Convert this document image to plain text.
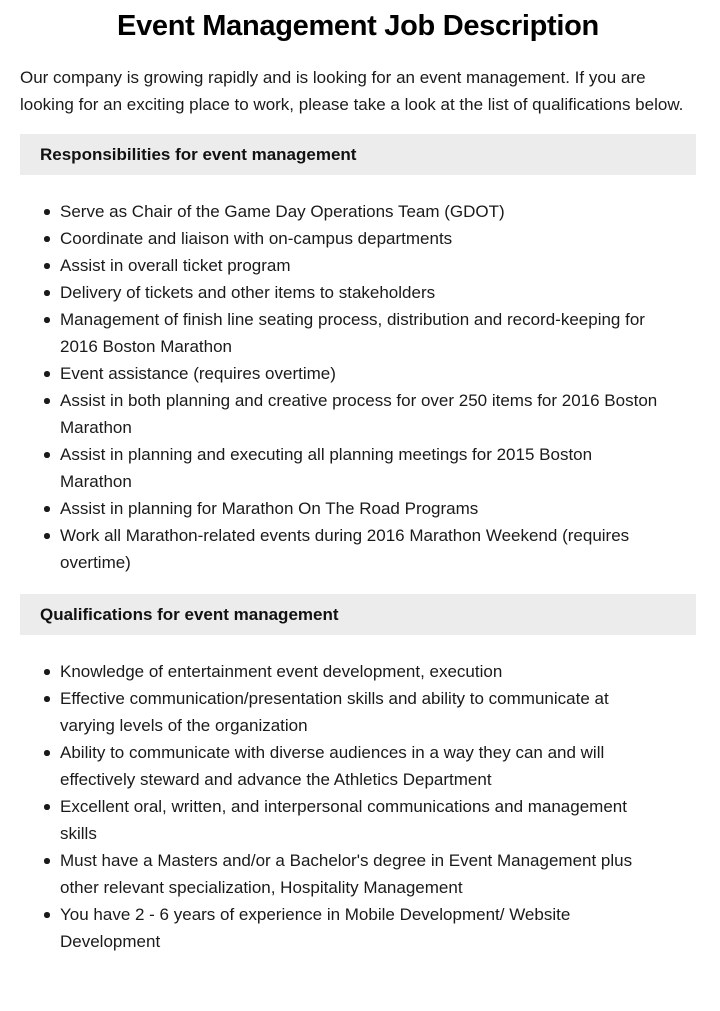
Event Management Job Description

Our company is growing rapidly and is looking for an event management. If you are looking for an exciting place to work, please take a look at the list of qualifications below.

Responsibilities for event management
Serve as Chair of the Game Day Operations Team (GDOT)
Coordinate and liaison with on-campus departments
Assist in overall ticket program
Delivery of tickets and other items to stakeholders
Management of finish line seating process, distribution and record-keeping for 2016 Boston Marathon
Event assistance (requires overtime)
Assist in both planning and creative process for over 250 items for 2016 Boston Marathon
Assist in planning and executing all planning meetings for 2015 Boston Marathon
Assist in planning for Marathon On The Road Programs
Work all Marathon-related events during 2016 Marathon Weekend (requires overtime)
Qualifications for event management
Knowledge of entertainment event development, execution
Effective communication/presentation skills and ability to communicate at varying levels of the organization
Ability to communicate with diverse audiences in a way they can and will effectively steward and advance the Athletics Department
Excellent oral, written, and interpersonal communications and management skills
Must have a Masters and/or a Bachelor's degree in Event Management plus other relevant specialization, Hospitality Management
You have 2 - 6 years of experience in Mobile Development/ Website Development
